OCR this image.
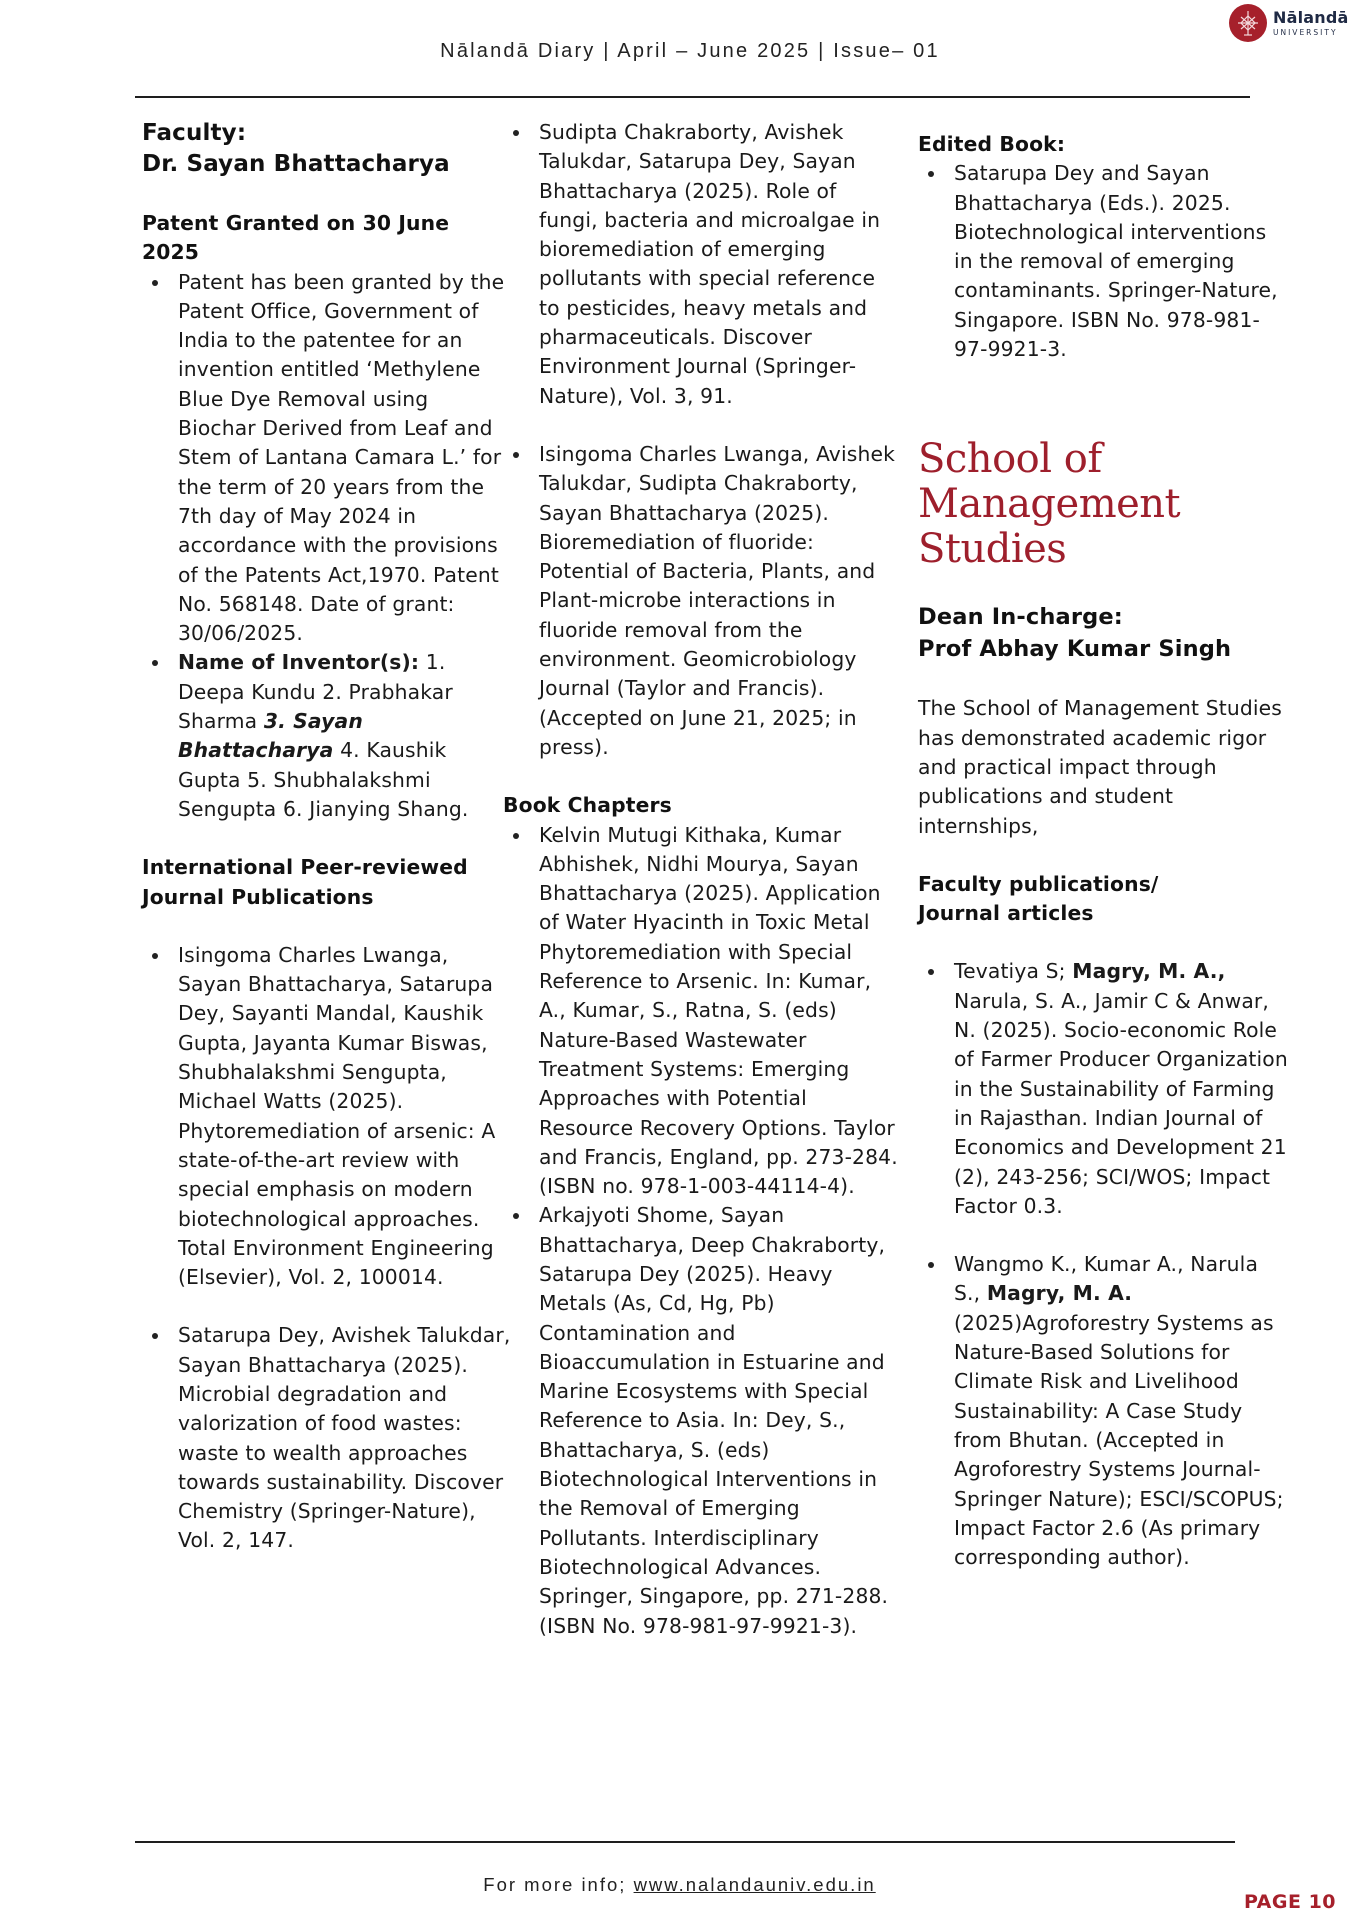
Nālandā Diary | April – June 2025 | Issue– 01
Nālandā
UNIVERSITY

Faculty:

Dr. Sayan Bhattacharya

Patent Granted on 30 June 2025

Patent has been granted by the Patent Office, Government of India to the patentee for an invention entitled ‘Methylene Blue Dye Removal using Biochar Derived from Leaf and Stem of Lantana Camara L.’ for the term of 20 years from the 7th day of May 2024 in accordance with the provisions of the Patents Act,1970. Patent No. 568148. Date of grant: 30/06/2025.
Name of Inventor(s): 1. Deepa Kundu 2. Prabhakar Sharma 3. Sayan Bhattacharya 4. Kaushik Gupta 5. Shubhalakshmi Sengupta 6. Jianying Shang.

International Peer-reviewed Journal Publications

Isingoma Charles Lwanga, Sayan Bhattacharya, Satarupa Dey, Sayanti Mandal, Kaushik Gupta, Jayanta Kumar Biswas, Shubhalakshmi Sengupta, Michael Watts (2025). Phytoremediation of arsenic: A state-of-the-art review with special emphasis on modern biotechnological approaches. Total Environment Engineering (Elsevier), Vol. 2, 100014.
Satarupa Dey, Avishek Talukdar, Sayan Bhattacharya (2025). Microbial degradation and valorization of food wastes: waste to wealth approaches towards sustainability. Discover Chemistry (Springer-Nature), Vol. 2, 147.
Sudipta Chakraborty, Avishek Talukdar, Satarupa Dey, Sayan Bhattacharya (2025). Role of fungi, bacteria and microalgae in bioremediation of emerging pollutants with special reference to pesticides, heavy metals and pharmaceuticals. Discover Environment Journal (Springer-Nature), Vol. 3, 91.
Isingoma Charles Lwanga, Avishek Talukdar, Sudipta Chakraborty, Sayan Bhattacharya (2025). Bioremediation of fluoride: Potential of Bacteria, Plants, and Plant-microbe interactions in fluoride removal from the environment. Geomicrobiology Journal (Taylor and Francis). (Accepted on June 21, 2025; in press).

Book Chapters

Kelvin Mutugi Kithaka, Kumar Abhishek, Nidhi Mourya, Sayan Bhattacharya (2025). Application of Water Hyacinth in Toxic Metal Phytoremediation with Special Reference to Arsenic. In: Kumar, A., Kumar, S., Ratna, S. (eds) Nature-Based Wastewater Treatment Systems: Emerging Approaches with Potential Resource Recovery Options. Taylor and Francis, England, pp. 273-284. (ISBN no. 978-1-003-44114-4).
Arkajyoti Shome, Sayan Bhattacharya, Deep Chakraborty, Satarupa Dey (2025). Heavy Metals (As, Cd, Hg, Pb) Contamination and Bioaccumulation in Estuarine and Marine Ecosystems with Special Reference to Asia. In: Dey, S., Bhattacharya, S. (eds) Biotechnological Interventions in the Removal of Emerging Pollutants. Interdisciplinary Biotechnological Advances. Springer, Singapore, pp. 271-288. (ISBN No. 978-981-97-9921-3).

Edited Book:

Satarupa Dey and Sayan Bhattacharya (Eds.). 2025. Biotechnological interventions in the removal of emerging contaminants. Springer-Nature, Singapore. ISBN No. 978-981-97-9921-3.

School of Management Studies

Dean In-charge:

Prof Abhay Kumar Singh

The School of Management Studies has demonstrated academic rigor and practical impact through publications and student internships,

Faculty publications/

Journal articles

Tevatiya S; Magry, M. A., Narula, S. A., Jamir C & Anwar, N. (2025). Socio-economic Role of Farmer Producer Organization in the Sustainability of Farming in Rajasthan. Indian Journal of Economics and Development 21 (2), 243-256; SCI/WOS; Impact Factor 0.3.
Wangmo K., Kumar A., Narula S., Magry, M. A. (2025)Agroforestry Systems as Nature-Based Solutions for Climate Risk and Livelihood Sustainability: A Case Study from Bhutan. (Accepted in Agroforestry Systems Journal- Springer Nature); ESCI/SCOPUS; Impact Factor 2.6 (As primary corresponding author).
For more info; www.nalandauniv.edu.in
PAGE 10
